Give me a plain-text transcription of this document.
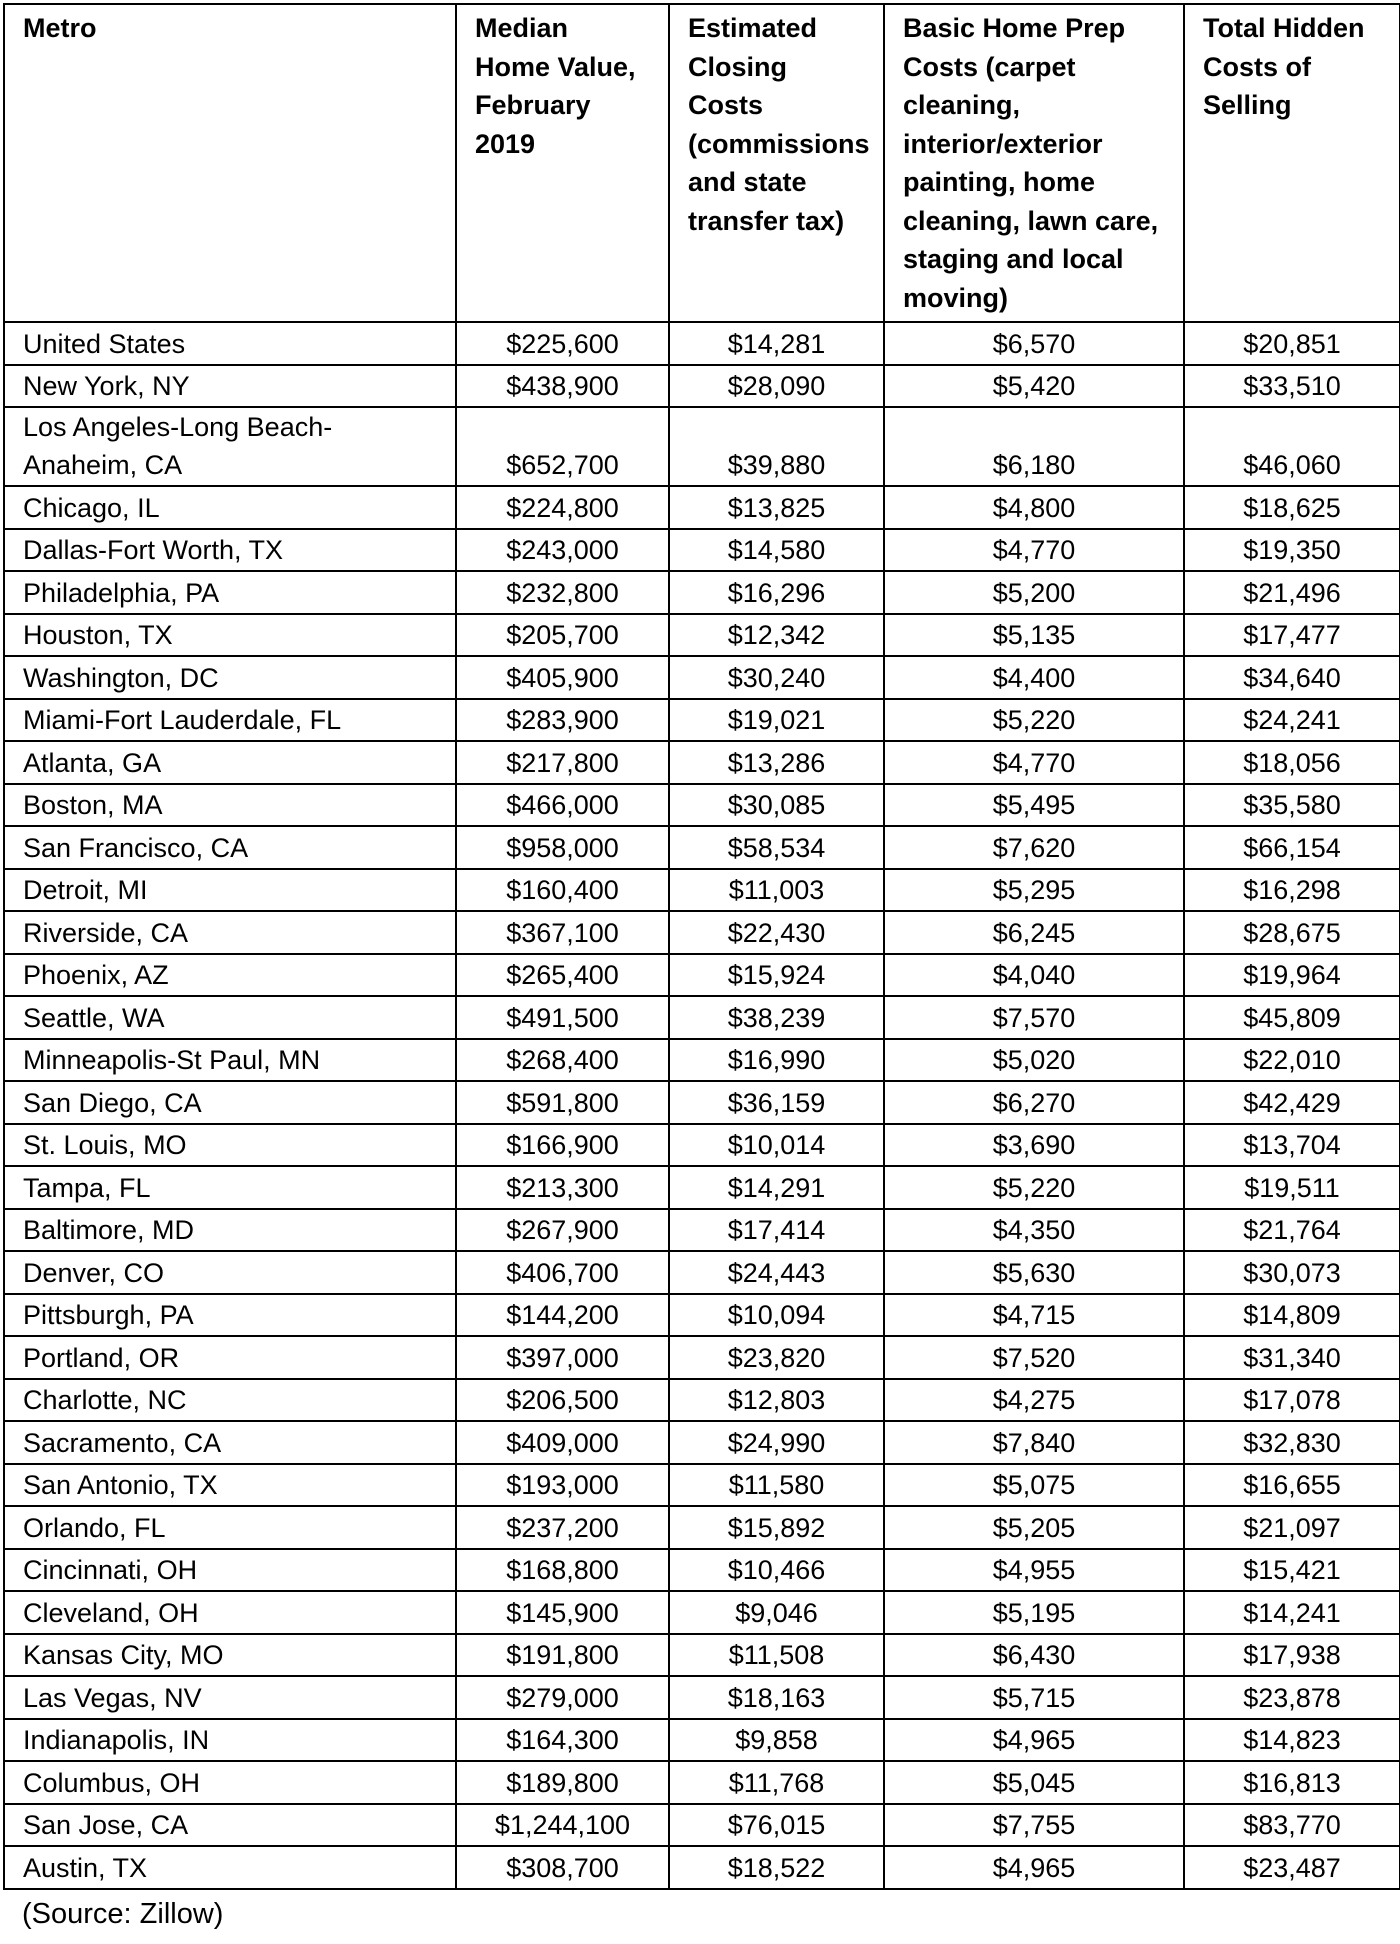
Metro	Median Home Value, February 2019	Estimated Closing Costs (commissions and state transfer tax)	Basic Home Prep Costs (carpet cleaning, interior/exterior painting, home cleaning, lawn care, staging and local moving)	Total Hidden Costs of Selling
United States	$225,600	$14,281	$6,570	$20,851
New York, NY	$438,900	$28,090	$5,420	$33,510
Los Angeles-Long Beach-Anaheim, CA	$652,700	$39,880	$6,180	$46,060
Chicago, IL	$224,800	$13,825	$4,800	$18,625
Dallas-Fort Worth, TX	$243,000	$14,580	$4,770	$19,350
Philadelphia, PA	$232,800	$16,296	$5,200	$21,496
Houston, TX	$205,700	$12,342	$5,135	$17,477
Washington, DC	$405,900	$30,240	$4,400	$34,640
Miami-Fort Lauderdale, FL	$283,900	$19,021	$5,220	$24,241
Atlanta, GA	$217,800	$13,286	$4,770	$18,056
Boston, MA	$466,000	$30,085	$5,495	$35,580
San Francisco, CA	$958,000	$58,534	$7,620	$66,154
Detroit, MI	$160,400	$11,003	$5,295	$16,298
Riverside, CA	$367,100	$22,430	$6,245	$28,675
Phoenix, AZ	$265,400	$15,924	$4,040	$19,964
Seattle, WA	$491,500	$38,239	$7,570	$45,809
Minneapolis-St Paul, MN	$268,400	$16,990	$5,020	$22,010
San Diego, CA	$591,800	$36,159	$6,270	$42,429
St. Louis, MO	$166,900	$10,014	$3,690	$13,704
Tampa, FL	$213,300	$14,291	$5,220	$19,511
Baltimore, MD	$267,900	$17,414	$4,350	$21,764
Denver, CO	$406,700	$24,443	$5,630	$30,073
Pittsburgh, PA	$144,200	$10,094	$4,715	$14,809
Portland, OR	$397,000	$23,820	$7,520	$31,340
Charlotte, NC	$206,500	$12,803	$4,275	$17,078
Sacramento, CA	$409,000	$24,990	$7,840	$32,830
San Antonio, TX	$193,000	$11,580	$5,075	$16,655
Orlando, FL	$237,200	$15,892	$5,205	$21,097
Cincinnati, OH	$168,800	$10,466	$4,955	$15,421
Cleveland, OH	$145,900	$9,046	$5,195	$14,241
Kansas City, MO	$191,800	$11,508	$6,430	$17,938
Las Vegas, NV	$279,000	$18,163	$5,715	$23,878
Indianapolis, IN	$164,300	$9,858	$4,965	$14,823
Columbus, OH	$189,800	$11,768	$5,045	$16,813
San Jose, CA	$1,244,100	$76,015	$7,755	$83,770
Austin, TX	$308,700	$18,522	$4,965	$23,487
(Source: Zillow)
